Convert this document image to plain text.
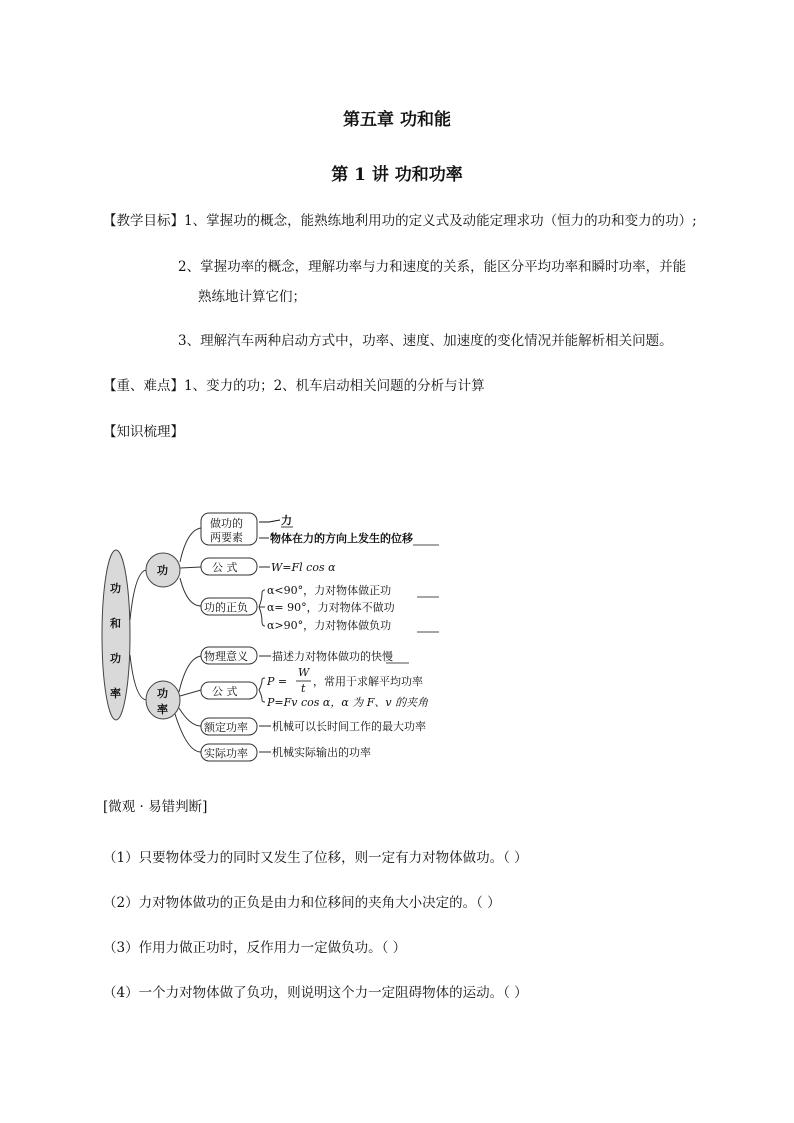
第五章 功和能
第 1 讲 功和功率
【教学目标】1、掌握功的概念，能熟练地利用功的定义式及动能定理求功（恒力的功和变力的功）;
2、掌握功率的概念，理解功率与力和速度的关系，能区分平均功率和瞬时功率，并能
熟练地计算它们；
3、理解汽车两种启动方式中，功率、速度、加速度的变化情况并能解析相关问题。
【重、难点】1、变力的功；2、机车启动相关问题的分析与计算
【知识梳理】
功
和
功
率
功
做功的
两要素
力
物体在力的方向上发生的位移
公 式	W=Fl cos α
功的正负
α<90°，力对物体做正功
α= 90°，力对物体不做功
α>90°，力对物体做负功
功
率
物理意义 描述力对物体做功的快慢
公 式
P =
W
t
，常用于求解平均功率
P=Fv cos α，α 为 F、v 的夹角
额定功率 机械可以长时间工作的最大功率
实际功率 机械实际输出的功率
[微观 · 易错判断]
（1）只要物体受力的同时又发生了位移，则一定有力对物体做功。（ ）
（2）力对物体做功的正负是由力和位移间的夹角大小决定的。（ ）
（3）作用力做正功时，反作用力一定做负功。（ ）
（4）一个力对物体做了负功，则说明这个力一定阻碍物体的运动。（ ）
